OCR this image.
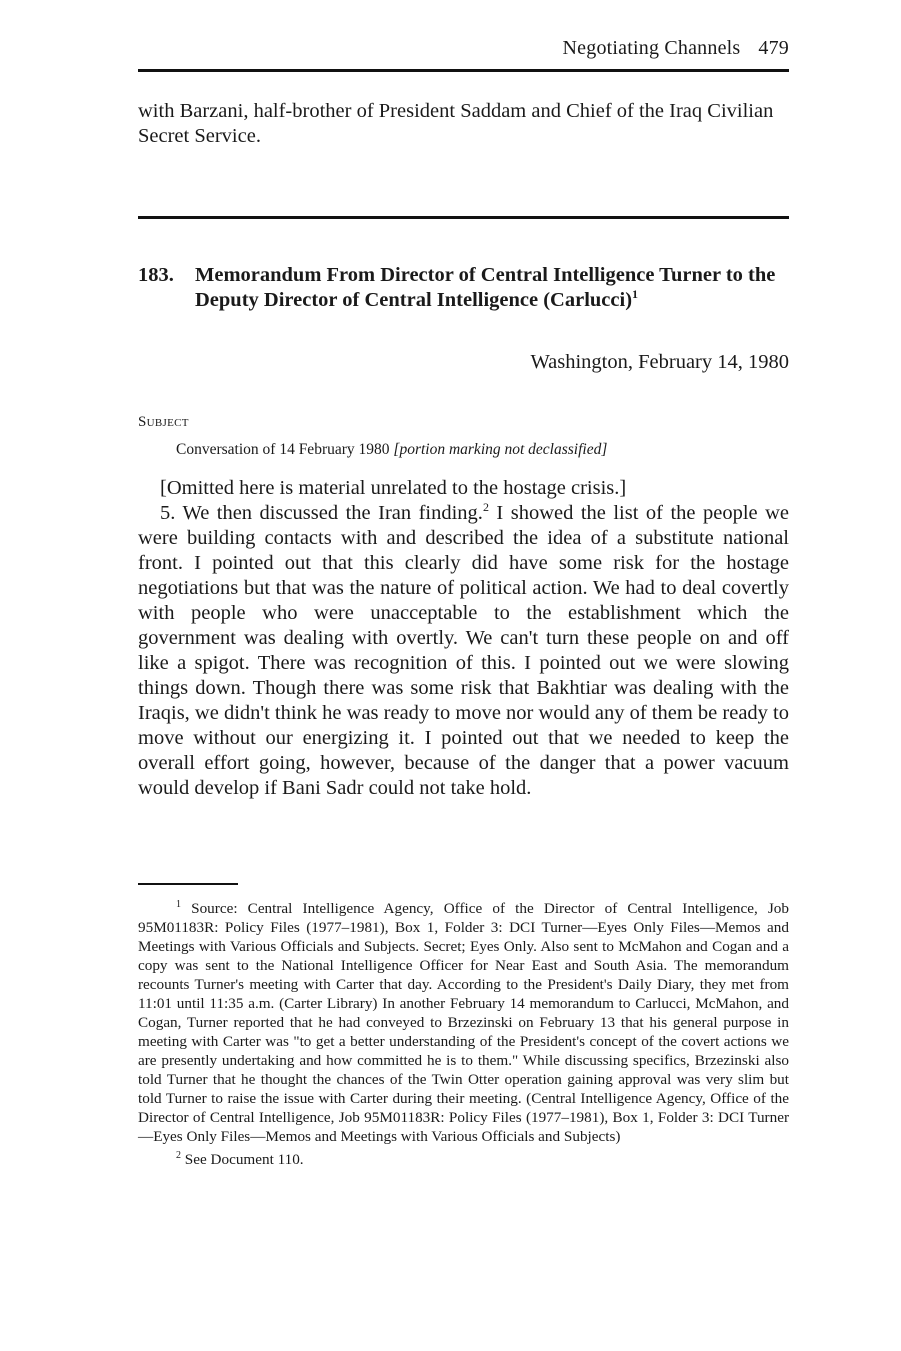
Negotiating Channels 479
with Barzani, half-brother of President Saddam and Chief of the Iraq Civilian Secret Service.
183. Memorandum From Director of Central Intelligence Turner to the Deputy Director of Central Intelligence (Carlucci)$^1$
Washington, February 14, 1980
Subject
Conversation of 14 February 1980 [portion marking not declassified]

[Omitted here is material unrelated to the hostage crisis.]

5. We then discussed the Iran finding.$^2$ I showed the list of the people we were building contacts with and described the idea of a substitute national front. I pointed out that this clearly did have some risk for the hostage negotiations but that was the nature of political action. We had to deal covertly with people who were unacceptable to the establishment which the government was dealing with overtly. We can't turn these people on and off like a spigot. There was recognition of this. I pointed out we were slowing things down. Though there was some risk that Bakhtiar was dealing with the Iraqis, we didn't think he was ready to move nor would any of them be ready to move without our energizing it. I pointed out that we needed to keep the overall effort going, however, because of the danger that a power vacuum would develop if Bani Sadr could not take hold.

$^1$ Source: Central Intelligence Agency, Office of the Director of Central Intelligence, Job 95M01183R: Policy Files (1977–1981), Box 1, Folder 3: DCI Turner—Eyes Only Files—Memos and Meetings with Various Officials and Subjects. Secret; Eyes Only. Also sent to McMahon and Cogan and a copy was sent to the National Intelligence Officer for Near East and South Asia. The memorandum recounts Turner's meeting with Carter that day. According to the President's Daily Diary, they met from 11:01 until 11:35 a.m. (Carter Library) In another February 14 memorandum to Carlucci, McMahon, and Cogan, Turner reported that he had conveyed to Brzezinski on February 13 that his general purpose in meeting with Carter was "to get a better understanding of the President's concept of the covert actions we are presently undertaking and how committed he is to them." While discussing specifics, Brzezinski also told Turner that he thought the chances of the Twin Otter operation gaining approval was very slim but told Turner to raise the issue with Carter during their meeting. (Central Intelligence Agency, Office of the Director of Central Intelligence, Job 95M01183R: Policy Files (1977–1981), Box 1, Folder 3: DCI Turner—Eyes Only Files—Memos and Meetings with Various Officials and Subjects)

$^2$ See Document 110.
